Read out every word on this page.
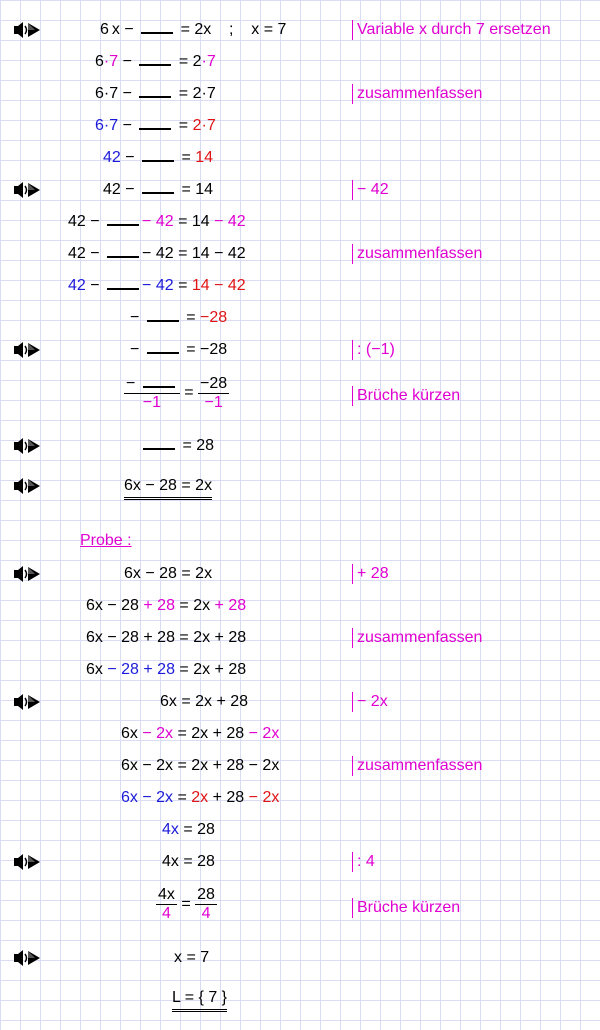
6 x −  = 2x    ;    x = 7	Variable x durch 7 ersetzen
6·7 −  = 2·7
6·7 −  = 2·7	zusammenfassen
6·7 −  = 2·7
42 −  = 14
42 −  = 14	− 42
42 − − 42 = 14 − 42
42 − − 42 = 14 − 42	zusammenfassen
42 − − 42 = 14 − 42
−  = −28
−  = −28	: (−1)
$\frac{-}{-1} = \frac{-28}{-1}$	Brüche kürzen
= 28
6x − 28 = 2x
Probe :
6x − 28 = 2x	+ 28
6x − 28 + 28 = 2x + 28
6x − 28 + 28 = 2x + 28	zusammenfassen
6x − 28 + 28 = 2x + 28
6x = 2x + 28	− 2x
6x − 2x = 2x + 28 − 2x
6x − 2x = 2x + 28 − 2x	zusammenfassen
6x − 2x = 2x + 28 − 2x
4x = 28
4x = 28	: 4
$\frac{4x}{4} = \frac{28}{4}$	Brüche kürzen
x = 7
L = { 7 }
